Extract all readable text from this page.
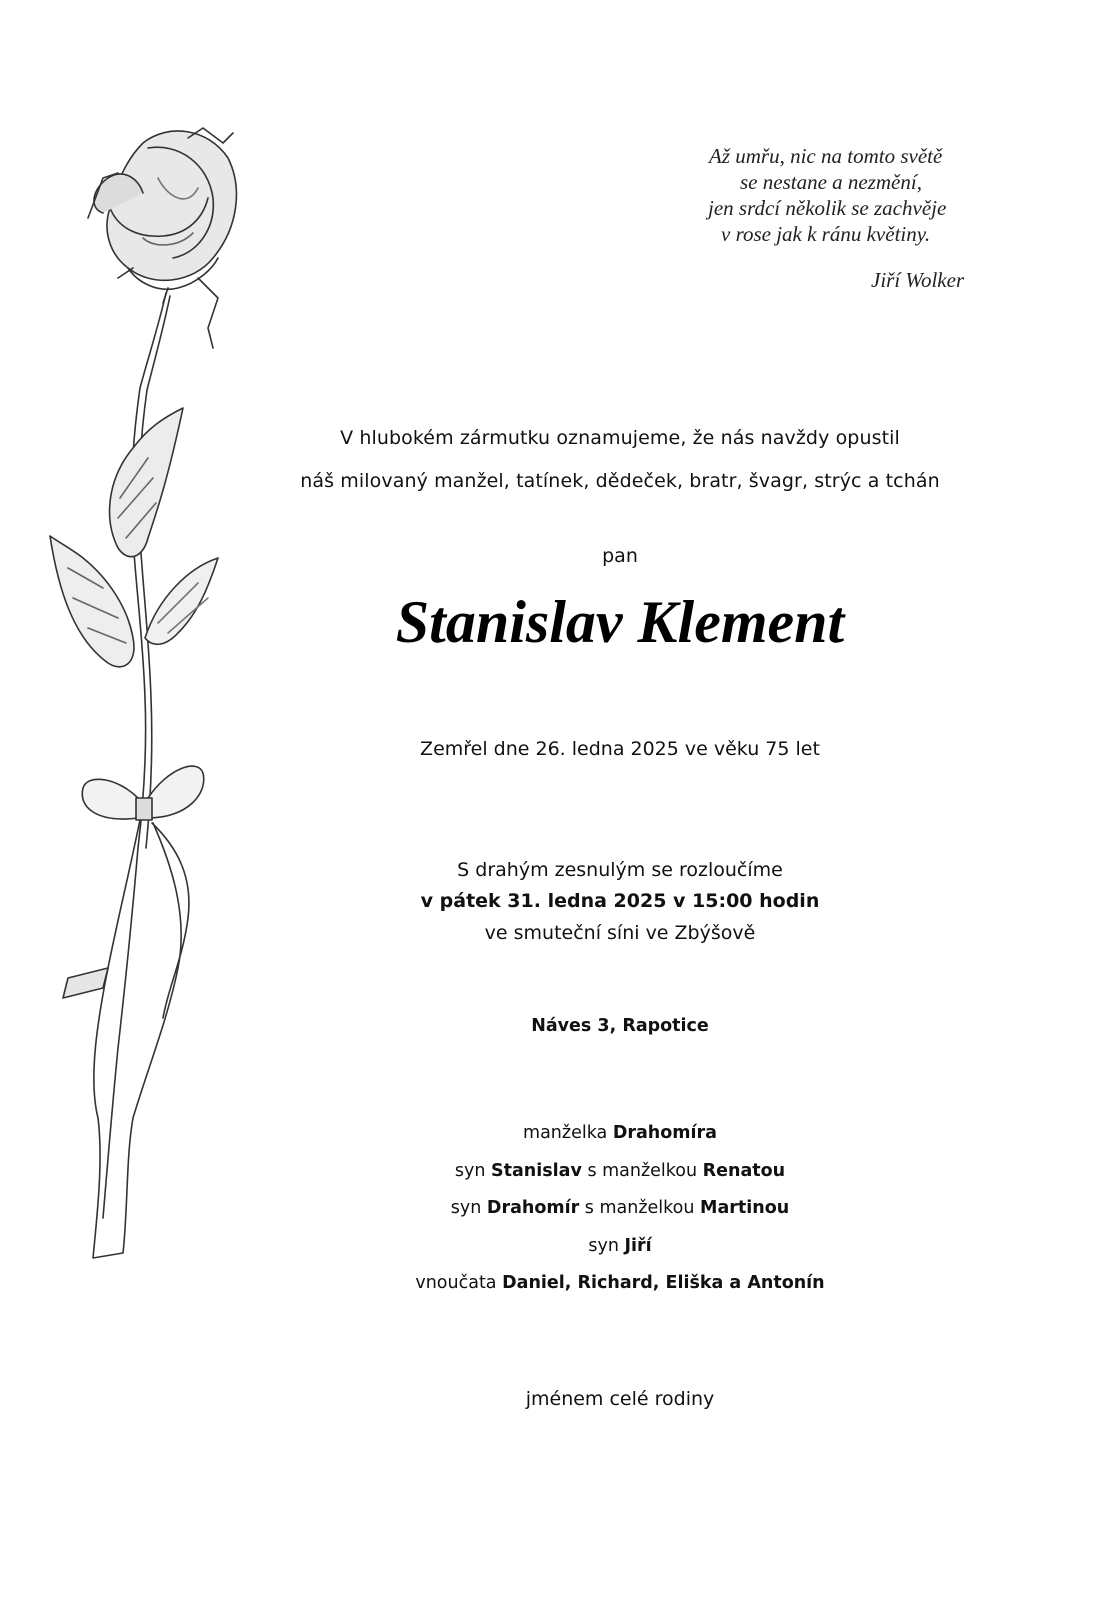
Až umřu, nic na tomto světě
se nestane a nezmění,
jen srdcí několik se zachvěje
v rose jak k ránu květiny.
Jiří Wolker
V hlubokém zármutku oznamujeme, že nás navždy opustil
náš milovaný manžel, tatínek, dědeček, bratr, švagr, strýc a tchán
pan
Stanislav Klement
Zemřel dne 26. ledna 2025 ve věku 75 let
S drahým zesnulým se rozloučíme
v pátek 31. ledna 2025 v 15:00 hodin
ve smuteční síni ve Zbýšově
Náves 3, Rapotice
manželka Drahomíra
syn Stanislav s manželkou Renatou
syn Drahomír s manželkou Martinou
syn Jiří
vnoučata Daniel, Richard, Eliška a Antonín
jménem celé rodiny
